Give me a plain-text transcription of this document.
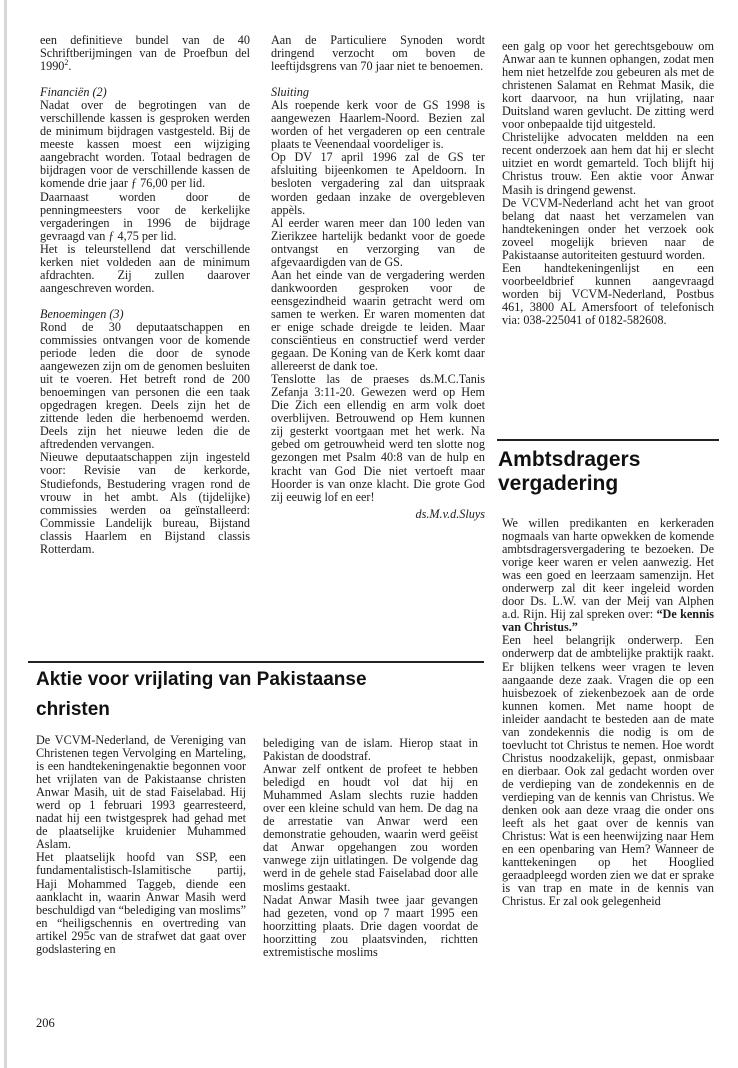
een definitieve bundel van de 40 Schriftberijmingen van de Proefbun del 1990$^2$.

Financiën (2)

Nadat over de begrotingen van de verschillende kassen is gesproken werden de minimum bijdragen vastgesteld. Bij de meeste kassen moest een wijziging aangebracht worden. Totaal bedragen de bijdragen voor de verschillende kassen de komende drie jaar ƒ 76,00 per lid.

Daarnaast worden door de penningmeesters voor de kerkelijke vergaderingen in 1996 de bijdrage gevraagd van ƒ 4,75 per lid.

Het is teleurstellend dat verschillende kerken niet voldeden aan de minimum afdrachten. Zij zullen daarover aangeschreven worden.

Benoemingen (3)

Rond de 30 deputaatschappen en commissies ontvangen voor de komende periode leden die door de synode aangewezen zijn om de genomen besluiten uit te voeren. Het betreft rond de 200 benoemingen van personen die een taak opgedragen kregen. Deels zijn het de zittende leden die herbenoemd werden. Deels zijn het nieuwe leden die de aftredenden vervangen.

Nieuwe deputaatschappen zijn ingesteld voor: Revisie van de kerkorde, Studiefonds, Bestudering vragen rond de vrouw in het ambt. Als (tijdelijke) commissies werden oa geïnstalleerd: Commissie Landelijk bureau, Bijstand classis Haarlem en Bijstand classis Rotterdam.

Aan de Particuliere Synoden wordt dringend verzocht om boven de leeftijdsgrens van 70 jaar niet te benoemen.

Sluiting

Als roepende kerk voor de GS 1998 is aangewezen Haarlem-Noord. Bezien zal worden of het vergaderen op een centrale plaats te Veenendaal voordeliger is.

Op DV 17 april 1996 zal de GS ter afsluiting bijeenkomen te Apeldoorn. In besloten vergadering zal dan uitspraak worden gedaan inzake de overgebleven appèls.

Al eerder waren meer dan 100 leden van Zierikzee hartelijk bedankt voor de goede ontvangst en verzorging van de afgevaardigden van de GS.

Aan het einde van de vergadering werden dankwoorden gesproken voor de eensgezindheid waarin getracht werd om samen te werken. Er waren momenten dat er enige schade dreigde te leiden. Maar consciëntieus en constructief werd verder gegaan. De Koning van de Kerk komt daar allereerst de dank toe.

Tenslotte las de praeses ds.M.C.Tanis Zefanja 3:11-20. Gewezen werd op Hem Die Zich een ellendig en arm volk doet overblijven. Betrouwend op Hem kunnen zij gesterkt voortgaan met het werk. Na gebed om getrouwheid werd ten slotte nog gezongen met Psalm 40:8 van de hulp en kracht van God Die niet vertoeft maar Hoorder is van onze klacht. Die grote God zij eeuwig lof en eer!

ds.M.v.d.Sluys

een galg op voor het gerechtsgebouw om Anwar aan te kunnen ophangen, zodat men hem niet hetzelfde zou gebeuren als met de christenen Salamat en Rehmat Masik, die kort daarvoor, na hun vrijlating, naar Duitsland waren gevlucht. De zitting werd voor onbepaalde tijd uitgesteld.

Christelijke advocaten meldden na een recent onderzoek aan hem dat hij er slecht uitziet en wordt gemarteld. Toch blijft hij Christus trouw. Een aktie voor Anwar Masih is dringend gewenst.

De VCVM-Nederland acht het van groot belang dat naast het verzamelen van handtekeningen onder het verzoek ook zoveel mogelijk brieven naar de Pakistaanse autoriteiten gestuurd worden.

Een handtekeningenlijst en een voorbeeldbrief kunnen aangevraagd worden bij VCVM-Nederland, Postbus 461, 3800 AL Amersfoort of telefonisch via: 038-225041 of 0182-582608.

Ambtsdragers
vergadering

We willen predikanten en kerkeraden nogmaals van harte opwekken de komende ambtsdragersvergadering te bezoeken. De vorige keer waren er velen aanwezig. Het was een goed en leerzaam samenzijn. Het onderwerp zal dit keer ingeleid worden door Ds. L.W. van der Meij van Alphen a.d. Rijn. Hij zal spreken over: “De kennis van Christus.”

Een heel belangrijk onderwerp. Een onderwerp dat de ambtelijke praktijk raakt. Er blijken telkens weer vragen te leven aangaande deze zaak. Vragen die op een huisbezoek of ziekenbezoek aan de orde kunnen komen. Met name hoopt de inleider aandacht te besteden aan de mate van zondekennis die nodig is om de toevlucht tot Christus te nemen. Hoe wordt Christus noodzakelijk, gepast, onmisbaar en dierbaar. Ook zal gedacht worden over de verdieping van de zondekennis en de verdieping van de kennis van Christus. We denken ook aan deze vraag die onder ons leeft als het gaat over de kennis van Christus: Wat is een heenwijzing naar Hem en een openbaring van Hem? Wanneer de kanttekeningen op het Hooglied geraadpleegd worden zien we dat er sprake is van trap en mate in de kennis van Christus. Er zal ook gelegenheid

Aktie voor vrijlating van Pakistaanse
christen

De VCVM-Nederland, de Vereniging van Christenen tegen Vervolging en Marteling, is een handtekeningenaktie begonnen voor het vrijlaten van de Pakistaanse christen Anwar Masih, uit de stad Faiselabad. Hij werd op 1 februari 1993 gearresteerd, nadat hij een twistgesprek had gehad met de plaatselijke kruidenier Muhammed Aslam.

Het plaatselijk hoofd van SSP, een fundamentalistisch-Islamitische partij, Haji Mohammed Taggeb, diende een aanklacht in, waarin Anwar Masih werd beschuldigd van “belediging van moslims” en “heiligschennis en overtreding van artikel 295c van de strafwet dat gaat over godslastering en

belediging van de islam. Hierop staat in Pakistan de doodstraf.

Anwar zelf ontkent de profeet te hebben beledigd en houdt vol dat hij en Muhammed Aslam slechts ruzie hadden over een kleine schuld van hem. De dag na de arrestatie van Anwar werd een demonstratie gehouden, waarin werd geëist dat Anwar opgehangen zou worden vanwege zijn uitlatingen. De volgende dag werd in de gehele stad Faiselabad door alle moslims gestaakt.

Nadat Anwar Masih twee jaar gevangen had gezeten, vond op 7 maart 1995 een hoorzitting plaats. Drie dagen voordat de hoorzitting zou plaatsvinden, richtten extremistische moslims

206
